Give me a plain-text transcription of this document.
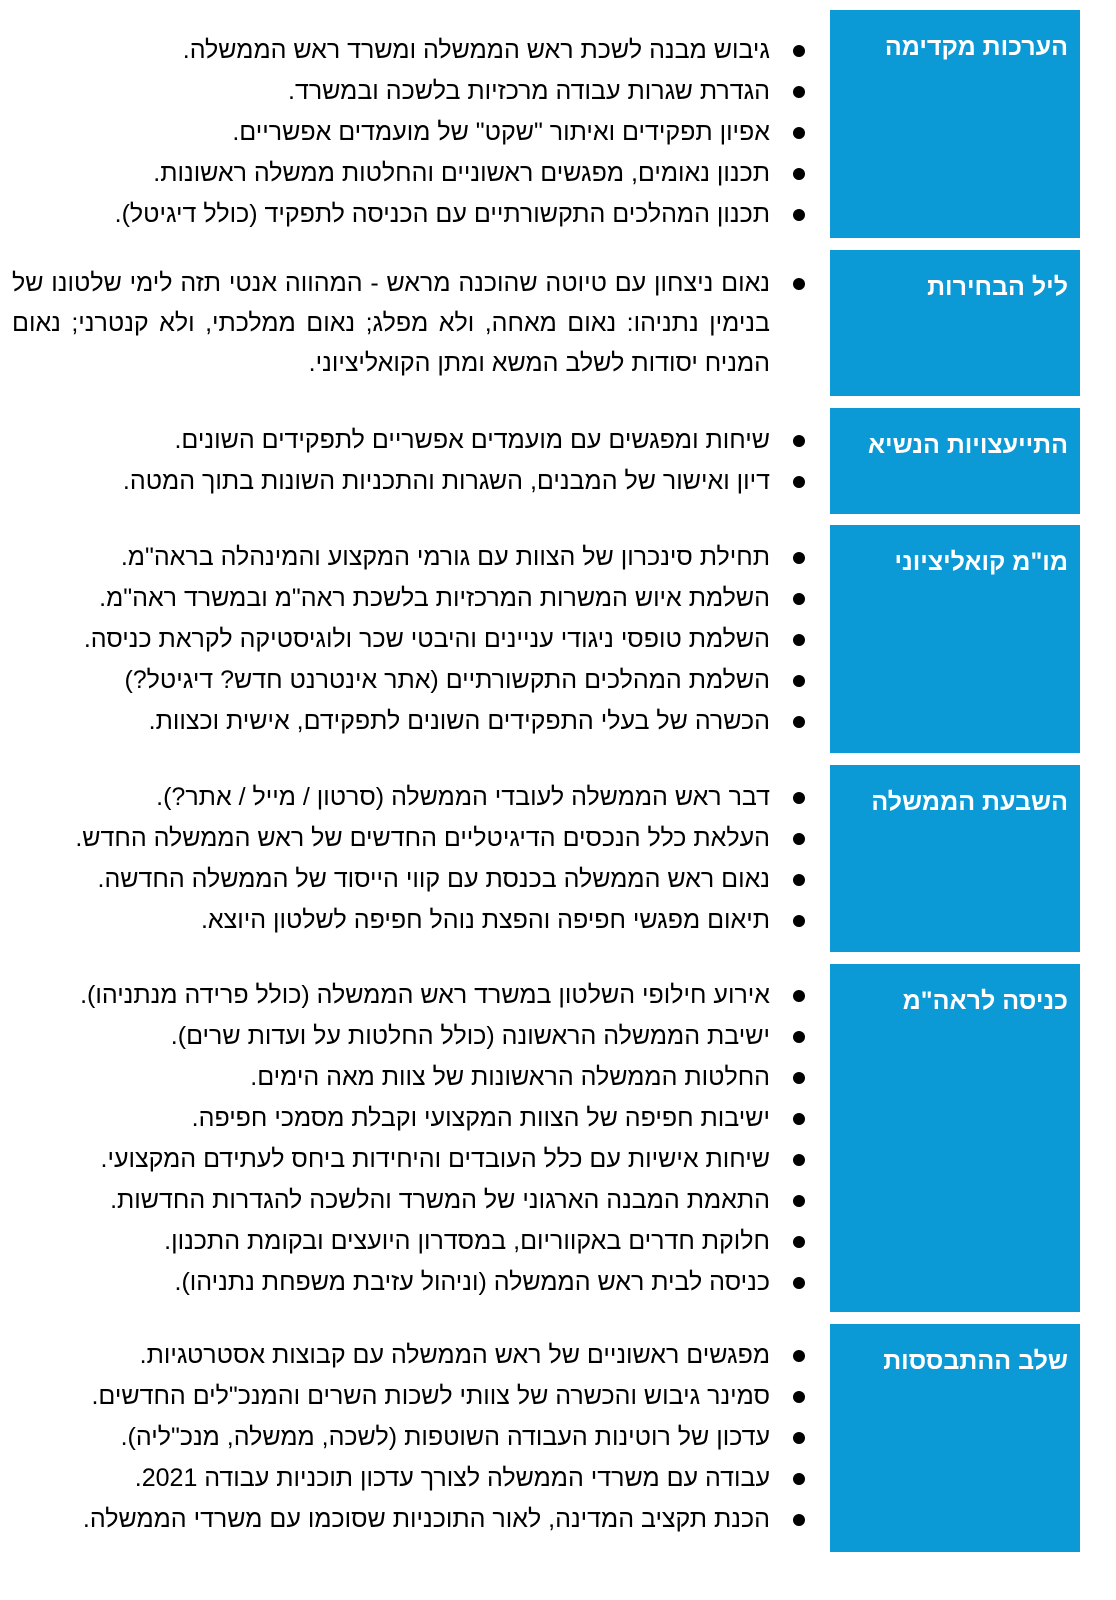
הערכות מקדימה
גיבוש מבנה לשכת ראש הממשלה ומשרד ראש הממשלה.
הגדרת שגרות עבודה מרכזיות בלשכה ובמשרד.
אפיון תפקידים ואיתור "שקט" של מועמדים אפשריים.
תכנון נאומים, מפגשים ראשוניים והחלטות ממשלה ראשונות.
תכנון המהלכים התקשורתיים עם הכניסה לתפקיד (כולל דיגיטל).
ליל הבחירות
נאום ניצחון עם טיוטה שהוכנה מראש - המהווה אנטי תזה לימי שלטונו של בנימין נתניהו: נאום מאחה, ולא מפלג; נאום ממלכתי, ולא קנטרני; נאום המניח יסודות לשלב המשא ומתן הקואליציוני.
התייעצויות הנשיא
שיחות ומפגשים עם מועמדים אפשריים לתפקידים השונים.
דיון ואישור של המבנים, השגרות והתכניות השונות בתוך המטה.
מו"מ קואליציוני
תחילת סינכרון של הצוות עם גורמי המקצוע והמינהלה בראה"מ.
השלמת איוש המשרות המרכזיות בלשכת ראה"מ ובמשרד ראה"מ.
השלמת טופסי ניגודי עניינים והיבטי שכר ולוגיסטיקה לקראת כניסה.
השלמת המהלכים התקשורתיים (אתר אינטרנט חדש? דיגיטל?)
הכשרה של בעלי התפקידים השונים לתפקידם, אישית וכצוות.
השבעת הממשלה
דבר ראש הממשלה לעובדי הממשלה (סרטון / מייל / אתר?).
העלאת כלל הנכסים הדיגיטליים החדשים של ראש הממשלה החדש.
נאום ראש הממשלה בכנסת עם קווי הייסוד של הממשלה החדשה.
תיאום מפגשי חפיפה והפצת נוהל חפיפה לשלטון היוצא.
כניסה לראה"מ
אירוע חילופי השלטון במשרד ראש הממשלה (כולל פרידה מנתניהו).
ישיבת הממשלה הראשונה (כולל החלטות על ועדות שרים).
החלטות הממשלה הראשונות של צוות מאה הימים.
ישיבות חפיפה של הצוות המקצועי וקבלת מסמכי חפיפה.
שיחות אישיות עם כלל העובדים והיחידות ביחס לעתידם המקצועי.
התאמת המבנה הארגוני של המשרד והלשכה להגדרות החדשות.
חלוקת חדרים באקווריום, במסדרון היועצים ובקומת התכנון.
כניסה לבית ראש הממשלה (וניהול עזיבת משפחת נתניהו).
שלב ההתבססות
מפגשים ראשוניים של ראש הממשלה עם קבוצות אסטרטגיות.
סמינר גיבוש והכשרה של צוותי לשכות השרים והמנכ"לים החדשים.
עדכון של רוטינות העבודה השוטפות (לשכה, ממשלה, מנכ"ליה).
עבודה עם משרדי הממשלה לצורך עדכון תוכניות עבודה 2021.
הכנת תקציב המדינה, לאור התוכניות שסוכמו עם משרדי הממשלה.
